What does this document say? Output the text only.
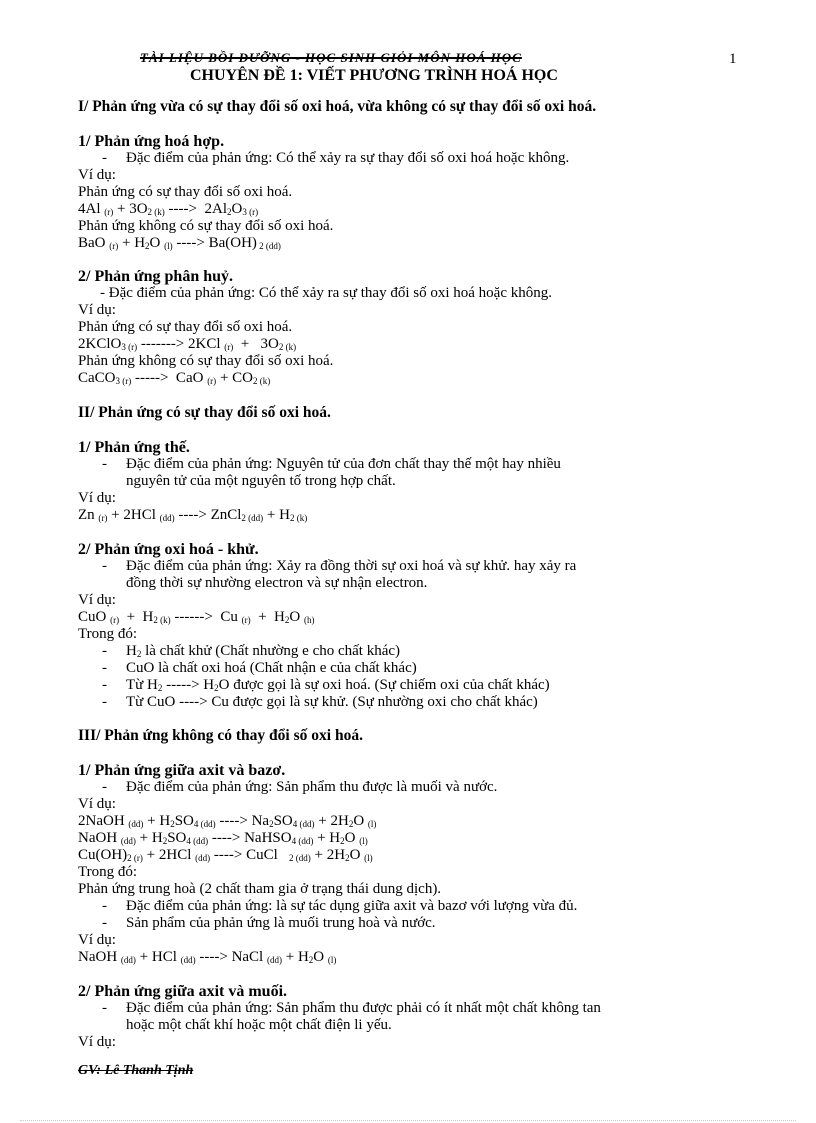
TÀI LIỆU BỒI DƯỠNG - HỌC SINH GIỎI MÔN HOÁ HỌC	1
CHUYÊN ĐỀ 1: VIẾT PHƯƠNG TRÌNH HOÁ HỌC
I/ Phản ứng vừa có sự thay đổi số oxi hoá, vừa không có sự thay đổi số oxi hoá.
1/ Phản ứng hoá hợp.
- Đặc điểm của phản ứng: Có thể xảy ra sự thay đổi số oxi hoá hoặc không.
Ví dụ:
Phản ứng có sự thay đổi số oxi hoá.
4Al $_{(r)} + 3O_{2 (k)}$ ---->  $2Al_2O_{3 (r)}$
Phản ứng không có sự thay đổi số oxi hoá.
BaO $_{(r)} + H_2O$ $_{(l)}$ ----> Ba(OH) $_{2 (dd)}$
2/ Phản ứng phân huỷ.
- Đặc điểm của phản ứng: Có thể xảy ra sự thay đổi số oxi hoá hoặc không.
Ví dụ:
Phản ứng có sự thay đổi số oxi hoá.
2KClO$_{3 (r)}$ -------> 2KCl $_{(r)} + 3O_{2 (k)}$
Phản ứng không có sự thay đổi số oxi hoá.
CaCO$_{3 (r)}$ ----->  CaO $_{(r)} + CO_{2 (k)}$
II/ Phản ứng có sự thay đổi số oxi hoá.
1/ Phản ứng thế.
- Đặc điểm của phản ứng: Nguyên tử của đơn chất thay thế một hay nhiều
nguyên tử của một nguyên tố trong hợp chất.
Ví dụ:
Zn $_{(r)}$ + 2HCl $_{(dd)}$ ----> ZnCl$_{2 (dd)}$ + $H_{2 (k)}$
2/ Phản ứng oxi hoá - khử.
- Đặc điểm của phản ứng: Xảy ra đồng thời sự oxi hoá và sự khử. hay xảy ra
đồng thời sự nhường electron và sự nhận electron.
Ví dụ:
CuO $_{(r)} + H_{2 (k)}$ ------>  Cu $_{(r)} + H_2O$ $_{(h)}$
Trong đó:
- $H_2$ là chất khử (Chất nhường e cho chất khác)
- CuO là chất oxi hoá (Chất nhận e của chất khác)
- Từ $H_2$ -----> $H_2O$ được gọi là sự oxi hoá. (Sự chiếm oxi của chất khác)
- Từ CuO ----> Cu được gọi là sự khử. (Sự nhường oxi cho chất khác)
III/ Phản ứng không có thay đổi số oxi hoá.
1/ Phản ứng giữa axit và bazơ.
- Đặc điểm của phản ứng: Sản phẩm thu được là muối và nước.
Ví dụ:
2NaOH $_{(dd)} + H_2SO_{4 (dd)}$ ----> $Na_2SO_{4 (dd)} + 2H_2O$ $_{(l)}$
NaOH $_{(dd)} + H_2SO_{4 (dd)}$ ----> NaHSO$_{4 (dd)}$ + $H_2O$ $_{(l)}$
$Cu(OH)_{2 (r)} + 2HCl$ $_{(dd)}$ ----> CuCl   $_{2 (dd)} + 2H_2O$ $_{(l)}$
Trong đó:
Phản ứng trung hoà (2 chất tham gia ở trạng thái dung dịch).
- Đặc điểm của phản ứng: là sự tác dụng giữa axit và bazơ với lượng vừa đủ.
- Sản phẩm của phản ứng là muối trung hoà và nước.
Ví dụ:
NaOH $_{(dd)}$ + HCl $_{(dd)}$ ----> NaCl $_{(dd)} + H_2O$ $_{(l)}$
2/ Phản ứng giữa axit và muối.
- Đặc điểm của phản ứng: Sản phẩm thu được phải có ít nhất một chất không tan
hoặc một chất khí hoặc một chất điện li yếu.
Ví dụ:
GV: Lê Thanh Tịnh
